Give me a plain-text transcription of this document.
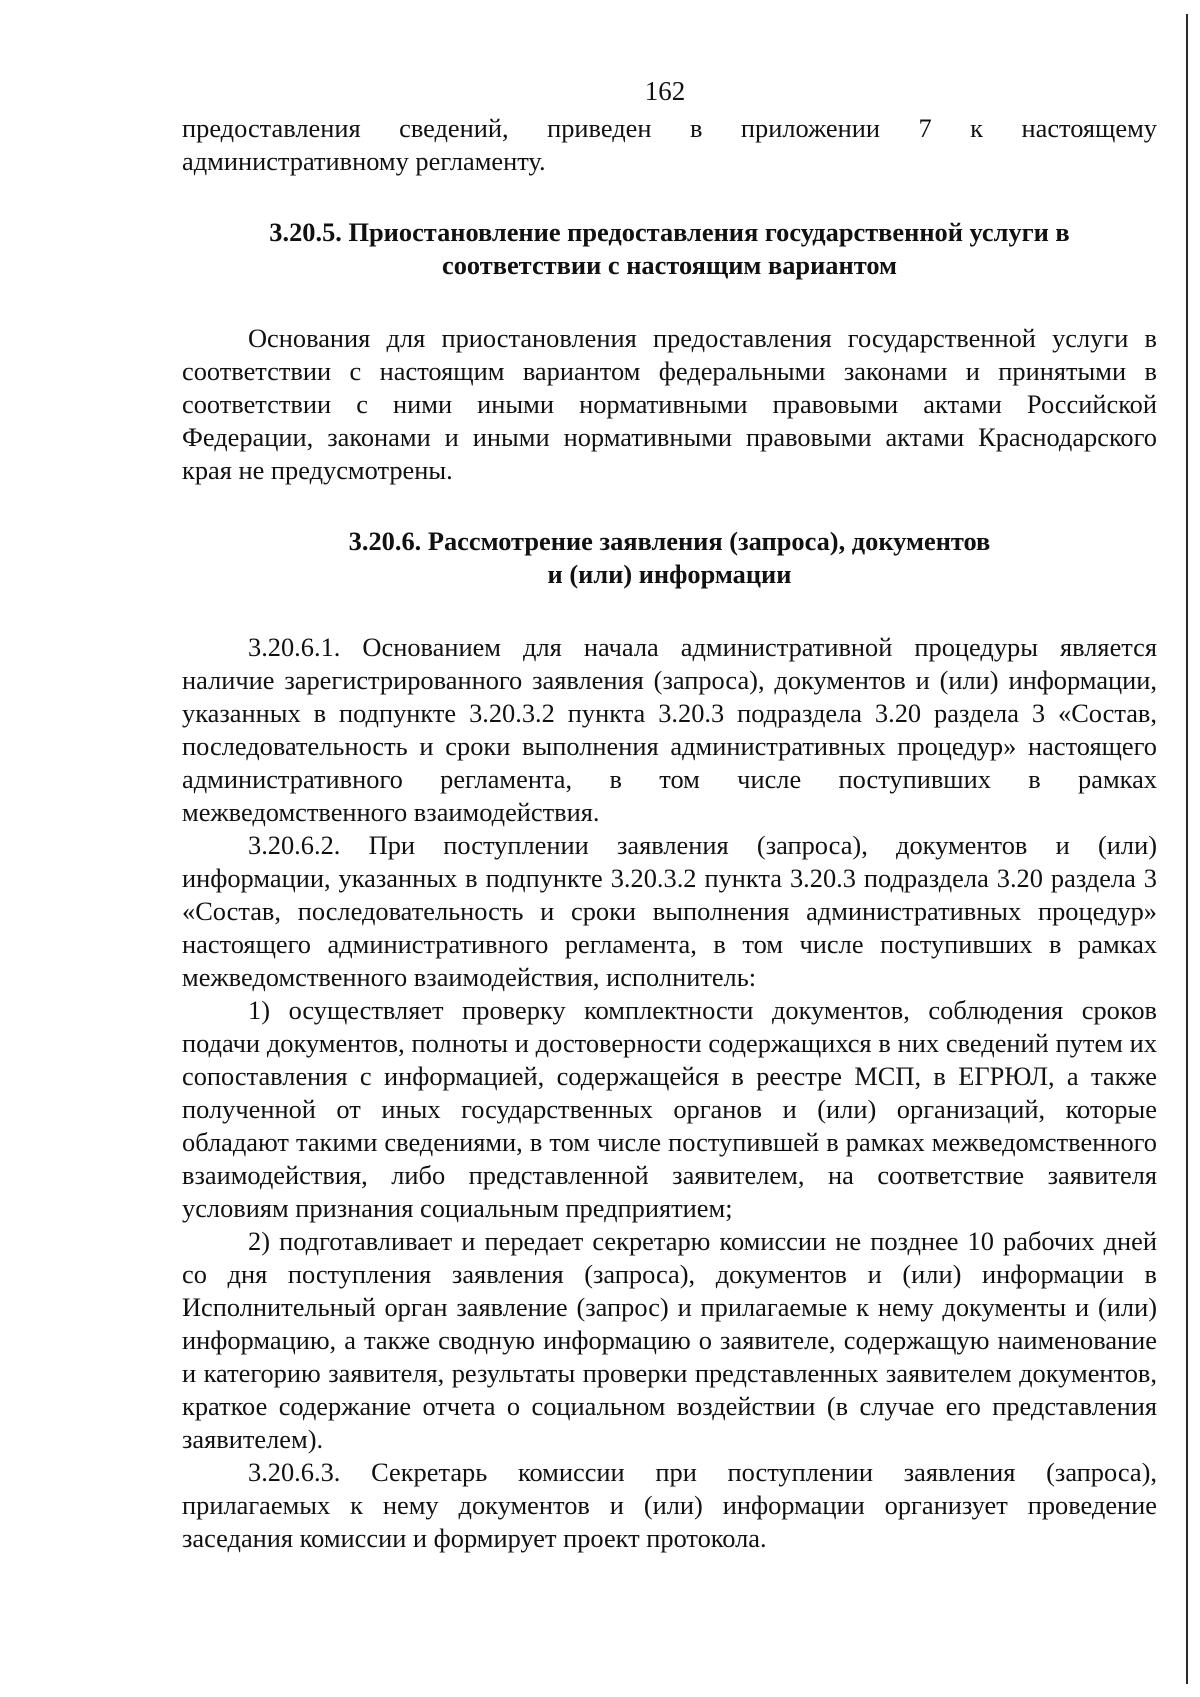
162

предоставления сведений, приведен в приложении 7 к настоящему административному регламенту.

3.20.5. Приостановление предоставления государственной услуги в
соответствии с настоящим вариантом

Основания для приостановления предоставления государственной услуги в соответствии с настоящим вариантом федеральными законами и принятыми в соответствии с ними иными нормативными правовыми актами Российской Федерации, законами и иными нормативными правовыми актами Краснодарского края не предусмотрены.

3.20.6. Рассмотрение заявления (запроса), документов
и (или) информации

3.20.6.1. Основанием для начала административной процедуры является наличие зарегистрированного заявления (запроса), документов и (или) информации, указанных в подпункте 3.20.3.2 пункта 3.20.3 подраздела 3.20 раздела 3 «Состав, последовательность и сроки выполнения административных процедур» настоящего административного регламента, в том числе поступивших в рамках межведомственного взаимодействия.

3.20.6.2. При поступлении заявления (запроса), документов и (или) информации, указанных в подпункте 3.20.3.2 пункта 3.20.3 подраздела 3.20 раздела 3 «Состав, последовательность и сроки выполнения административных процедур» настоящего административного регламента, в том числе поступивших в рамках межведомственного взаимодействия, исполнитель:

1) осуществляет проверку комплектности документов, соблюдения сроков подачи документов, полноты и достоверности содержащихся в них сведений путем их сопоставления с информацией, содержащейся в реестре МСП, в ЕГРЮЛ, а также полученной от иных государственных органов и (или) организаций, которые обладают такими сведениями, в том числе поступившей в рамках межведомственного взаимодействия, либо представленной заявителем, на соответствие заявителя условиям признания социальным предприятием;

2) подготавливает и передает секретарю комиссии не позднее 10 рабочих дней со дня поступления заявления (запроса), документов и (или) информации в Исполнительный орган заявление (запрос) и прилагаемые к нему документы и (или) информацию, а также сводную информацию о заявителе, содержащую наименование и категорию заявителя, результаты проверки представленных заявителем документов, краткое содержание отчета о социальном воздействии (в случае его представления заявителем).

3.20.6.3. Секретарь комиссии при поступлении заявления (запроса), прилагаемых к нему документов и (или) информации организует проведение заседания комиссии и формирует проект протокола.
